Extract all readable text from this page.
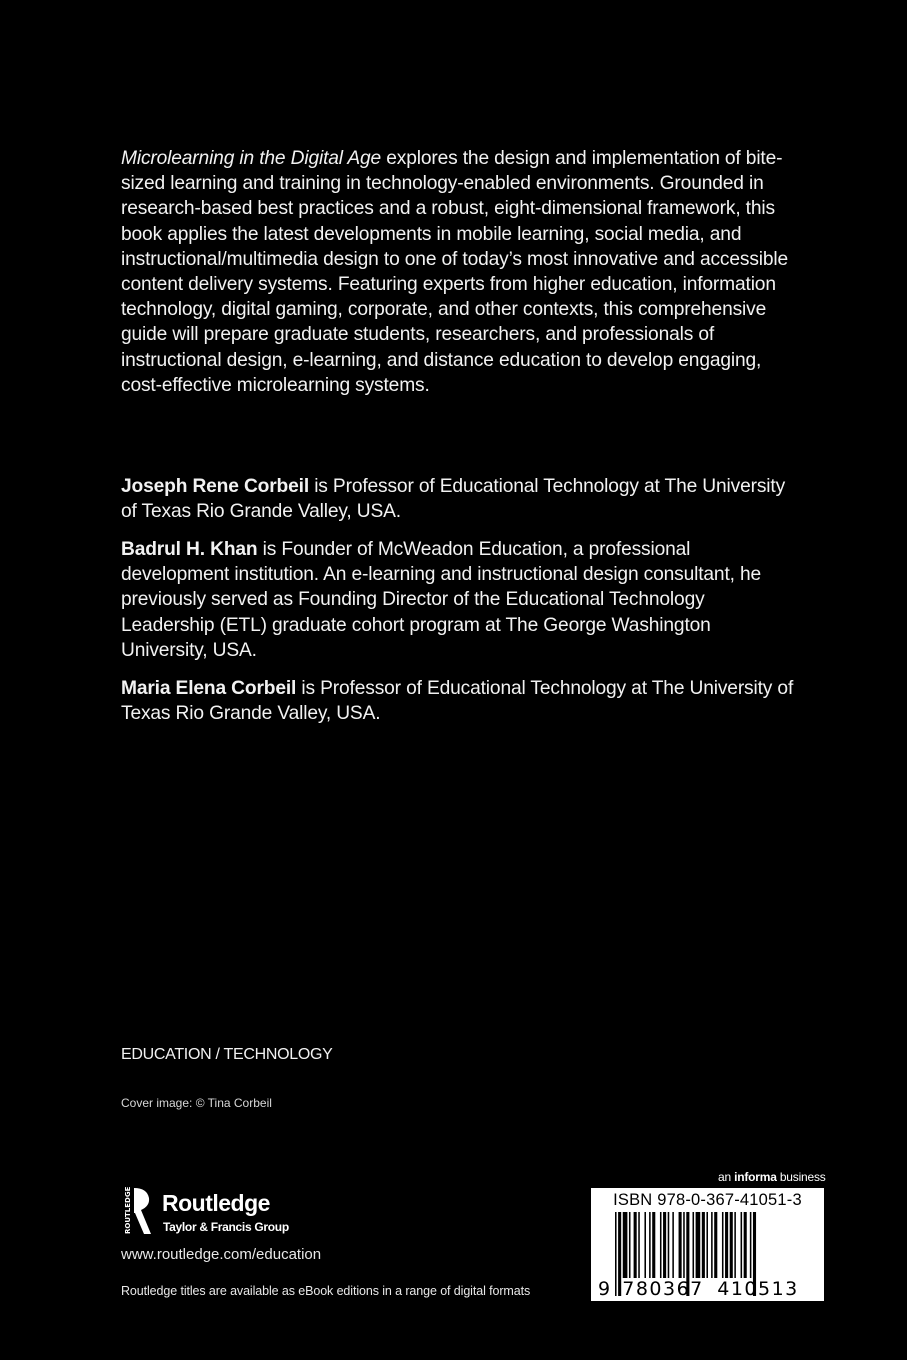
Microlearning in the Digital Age explores the design and implementation of bite-sized learning and training in technology-enabled environments. Grounded in research-based best practices and a robust, eight-dimensional framework, this book applies the latest developments in mobile learning, social media, and instructional/multimedia design to one of today’s most innovative and accessible content delivery systems. Featuring experts from higher education, information technology, digital gaming, corporate, and other contexts, this comprehensive guide will prepare graduate students, researchers, and professionals of instructional design, e-learning, and distance education to develop engaging, cost-effective microlearning systems.

Joseph Rene Corbeil is Professor of Educational Technology at The University of Texas Rio Grande Valley, USA.

Badrul H. Khan is Founder of McWeadon Education, a professional development institution. An e-learning and instructional design consultant, he previously served as Founding Director of the Educational Technology Leadership (ETL) graduate cohort program at The George Washington University, USA.

Maria Elena Corbeil is Professor of Educational Technology at The University of Texas Rio Grande Valley, USA.

EDUCATION / TECHNOLOGY
Cover image: © Tina Corbeil
ROUTLEDGE Routledge
Taylor & Francis Group
www.routledge.com/education
Routledge titles are available as eBook editions in a range of digital formats
an informa business
ISBN 978-0-367-41051-3
9 780367 410513
